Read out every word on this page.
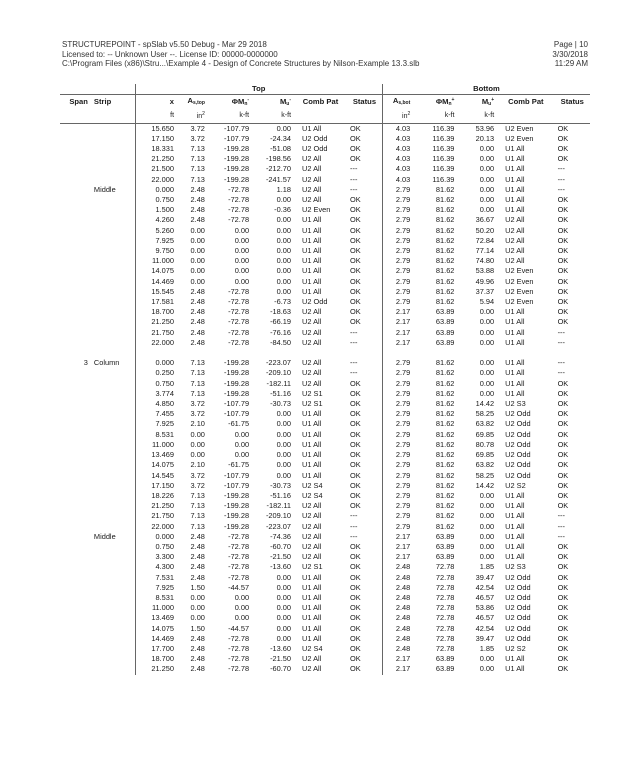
STRUCTUREPOINT - spSlab v5.50 Debug - Mar 29 2018
Licensed to: -- Unknown User --. License ID: 00000-0000000
C:\Program Files (x86)\Stru...\Example 4 - Design of Concrete Structures by Nilson-Example 13.3.slb
Page | 10
3/30/2018
11:29 AM
		Top						Bottom				
Span	Strip	x	$A_{s,top}$	$\Phi M_n^-$	$M_u^-$	Comb Pat	Status	$A_{s,bot}$	$\Phi M_n^+$	$M_u^+$	Comb Pat	Status
		ft	$in^2$	k-ft	k-ft			$in^2$	k-ft	k-ft		
		15.650	3.72	-107.79	0.00	U1 All	OK	4.03	116.39	53.96	U2 Even	OK
		17.150	3.72	-107.79	-24.34	U2 Odd	OK	4.03	116.39	20.13	U2 Even	OK
		18.331	7.13	-199.28	-51.08	U2 Odd	OK	4.03	116.39	0.00	U1 All	OK
		21.250	7.13	-199.28	-198.56	U2 All	OK	4.03	116.39	0.00	U1 All	OK
		21.500	7.13	-199.28	-212.70	U2 All	---	4.03	116.39	0.00	U1 All	---
		22.000	7.13	-199.28	-241.57	U2 All	---	4.03	116.39	0.00	U1 All	---
	Middle	0.000	2.48	-72.78	1.18	U2 All	---	2.79	81.62	0.00	U1 All	---
		0.750	2.48	-72.78	0.00	U2 All	OK	2.79	81.62	0.00	U1 All	OK
		1.500	2.48	-72.78	-0.36	U2 Even	OK	2.79	81.62	0.00	U1 All	OK
		4.260	2.48	-72.78	0.00	U1 All	OK	2.79	81.62	36.67	U2 All	OK
		5.260	0.00	0.00	0.00	U1 All	OK	2.79	81.62	50.20	U2 All	OK
		7.925	0.00	0.00	0.00	U1 All	OK	2.79	81.62	72.84	U2 All	OK
		9.750	0.00	0.00	0.00	U1 All	OK	2.79	81.62	77.14	U2 All	OK
		11.000	0.00	0.00	0.00	U1 All	OK	2.79	81.62	74.80	U2 All	OK
		14.075	0.00	0.00	0.00	U1 All	OK	2.79	81.62	53.88	U2 Even	OK
		14.469	0.00	0.00	0.00	U1 All	OK	2.79	81.62	49.96	U2 Even	OK
		15.545	2.48	-72.78	0.00	U1 All	OK	2.79	81.62	37.37	U2 Even	OK
		17.581	2.48	-72.78	-6.73	U2 Odd	OK	2.79	81.62	5.94	U2 Even	OK
		18.700	2.48	-72.78	-18.63	U2 All	OK	2.17	63.89	0.00	U1 All	OK
		21.250	2.48	-72.78	-66.19	U2 All	OK	2.17	63.89	0.00	U1 All	OK
		21.750	2.48	-72.78	-76.16	U2 All	---	2.17	63.89	0.00	U1 All	---
		22.000	2.48	-72.78	-84.50	U2 All	---	2.17	63.89	0.00	U1 All	---

3	Column	0.000	7.13	-199.28	-223.07	U2 All	---	2.79	81.62	0.00	U1 All	---
		0.250	7.13	-199.28	-209.10	U2 All	---	2.79	81.62	0.00	U1 All	---
		0.750	7.13	-199.28	-182.11	U2 All	OK	2.79	81.62	0.00	U1 All	OK
		3.774	7.13	-199.28	-51.16	U2 S1	OK	2.79	81.62	0.00	U1 All	OK
		4.850	3.72	-107.79	-30.73	U2 S1	OK	2.79	81.62	14.42	U2 S3	OK
		7.455	3.72	-107.79	0.00	U1 All	OK	2.79	81.62	58.25	U2 Odd	OK
		7.925	2.10	-61.75	0.00	U1 All	OK	2.79	81.62	63.82	U2 Odd	OK
		8.531	0.00	0.00	0.00	U1 All	OK	2.79	81.62	69.85	U2 Odd	OK
		11.000	0.00	0.00	0.00	U1 All	OK	2.79	81.62	80.78	U2 Odd	OK
		13.469	0.00	0.00	0.00	U1 All	OK	2.79	81.62	69.85	U2 Odd	OK
		14.075	2.10	-61.75	0.00	U1 All	OK	2.79	81.62	63.82	U2 Odd	OK
		14.545	3.72	-107.79	0.00	U1 All	OK	2.79	81.62	58.25	U2 Odd	OK
		17.150	3.72	-107.79	-30.73	U2 S4	OK	2.79	81.62	14.42	U2 S2	OK
		18.226	7.13	-199.28	-51.16	U2 S4	OK	2.79	81.62	0.00	U1 All	OK
		21.250	7.13	-199.28	-182.11	U2 All	OK	2.79	81.62	0.00	U1 All	OK
		21.750	7.13	-199.28	-209.10	U2 All	---	2.79	81.62	0.00	U1 All	---
		22.000	7.13	-199.28	-223.07	U2 All	---	2.79	81.62	0.00	U1 All	---
	Middle	0.000	2.48	-72.78	-74.36	U2 All	---	2.17	63.89	0.00	U1 All	---
		0.750	2.48	-72.78	-60.70	U2 All	OK	2.17	63.89	0.00	U1 All	OK
		3.300	2.48	-72.78	-21.50	U2 All	OK	2.17	63.89	0.00	U1 All	OK
		4.300	2.48	-72.78	-13.60	U2 S1	OK	2.48	72.78	1.85	U2 S3	OK
		7.531	2.48	-72.78	0.00	U1 All	OK	2.48	72.78	39.47	U2 Odd	OK
		7.925	1.50	-44.57	0.00	U1 All	OK	2.48	72.78	42.54	U2 Odd	OK
		8.531	0.00	0.00	0.00	U1 All	OK	2.48	72.78	46.57	U2 Odd	OK
		11.000	0.00	0.00	0.00	U1 All	OK	2.48	72.78	53.86	U2 Odd	OK
		13.469	0.00	0.00	0.00	U1 All	OK	2.48	72.78	46.57	U2 Odd	OK
		14.075	1.50	-44.57	0.00	U1 All	OK	2.48	72.78	42.54	U2 Odd	OK
		14.469	2.48	-72.78	0.00	U1 All	OK	2.48	72.78	39.47	U2 Odd	OK
		17.700	2.48	-72.78	-13.60	U2 S4	OK	2.48	72.78	1.85	U2 S2	OK
		18.700	2.48	-72.78	-21.50	U2 All	OK	2.17	63.89	0.00	U1 All	OK
		21.250	2.48	-72.78	-60.70	U2 All	OK	2.17	63.89	0.00	U1 All	OK
